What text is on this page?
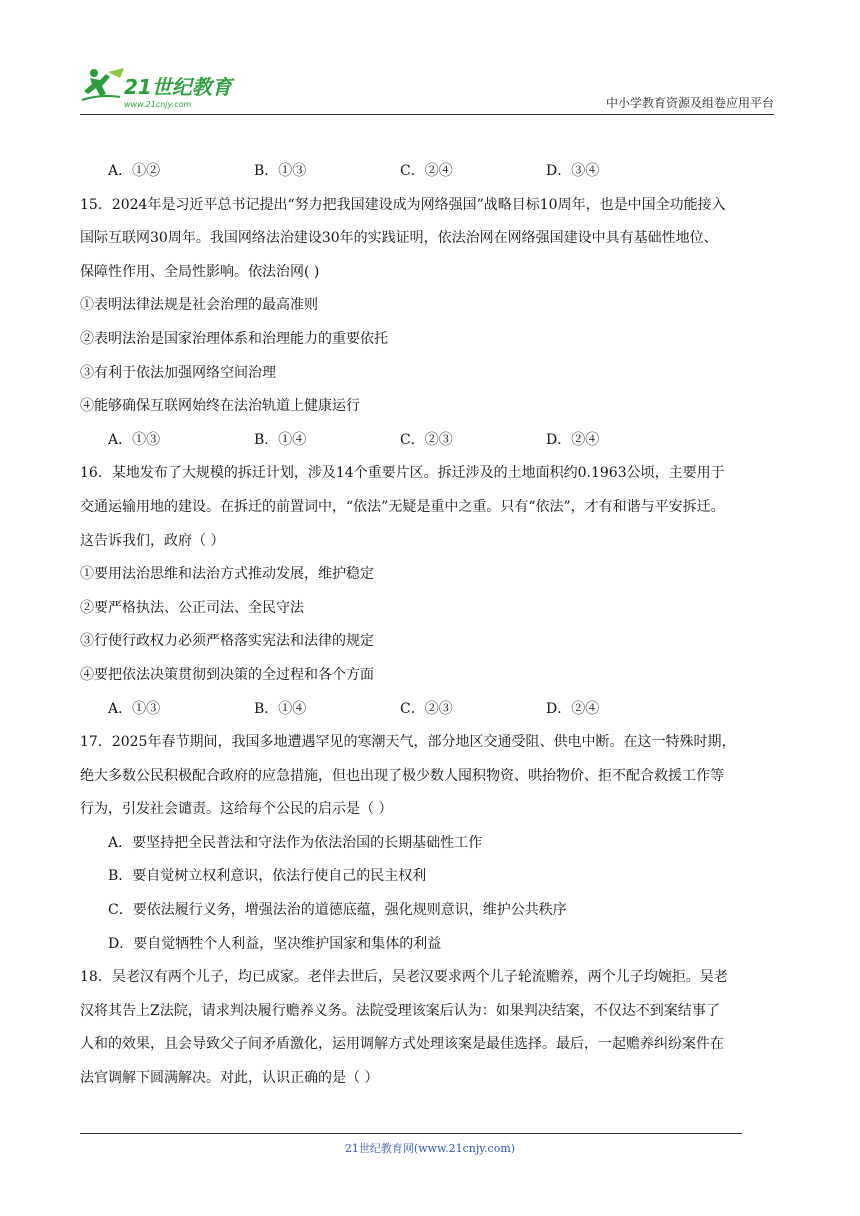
21世纪教育
www.21cnjy.com	中小学教育资源及组卷应用平台
A．①②	B．①③	C．②④	D．③④
15．2024年是习近平总书记提出“努力把我国建设成为网络强国”战略目标10周年，也是中国全功能接入
国际互联网30周年。我国网络法治建设30年的实践证明，依法治网在网络强国建设中具有基础性地位、
保障性作用、全局性影响。依法治网( )
①表明法律法规是社会治理的最高准则
②表明法治是国家治理体系和治理能力的重要依托
③有利于依法加强网络空间治理
④能够确保互联网始终在法治轨道上健康运行
A．①③	B．①④	C．②③	D．②④
16．某地发布了大规模的拆迁计划，涉及14个重要片区。拆迁涉及的土地面积约0.1963公顷，主要用于
交通运输用地的建设。在拆迁的前置词中，“依法”无疑是重中之重。只有“依法”，才有和谐与平安拆迁。
这告诉我们，政府（ ）
①要用法治思维和法治方式推动发展，维护稳定
②要严格执法、公正司法、全民守法
③行使行政权力必须严格落实宪法和法律的规定
④要把依法决策贯彻到决策的全过程和各个方面
A．①③	B．①④	C．②③	D．②④
17．2025年春节期间，我国多地遭遇罕见的寒潮天气，部分地区交通受阻、供电中断。在这一特殊时期，
绝大多数公民积极配合政府的应急措施，但也出现了极少数人囤积物资、哄抬物价、拒不配合救援工作等
行为，引发社会谴责。这给每个公民的启示是（ ）
A．要坚持把全民普法和守法作为依法治国的长期基础性工作
B．要自觉树立权利意识，依法行使自己的民主权利
C．要依法履行义务，增强法治的道德底蕴，强化规则意识，维护公共秩序
D．要自觉牺牲个人利益，坚决维护国家和集体的利益
18．吴老汉有两个儿子，均已成家。老伴去世后，吴老汉要求两个儿子轮流赡养，两个儿子均婉拒。吴老
汉将其告上Z法院，请求判决履行赡养义务。法院受理该案后认为：如果判决结案，不仅达不到案结事了
人和的效果，且会导致父子间矛盾激化，运用调解方式处理该案是最佳选择。最后，一起赡养纠纷案件在
法官调解下圆满解决。对此，认识正确的是（ ）
21世纪教育网(www.21cnjy.com)
